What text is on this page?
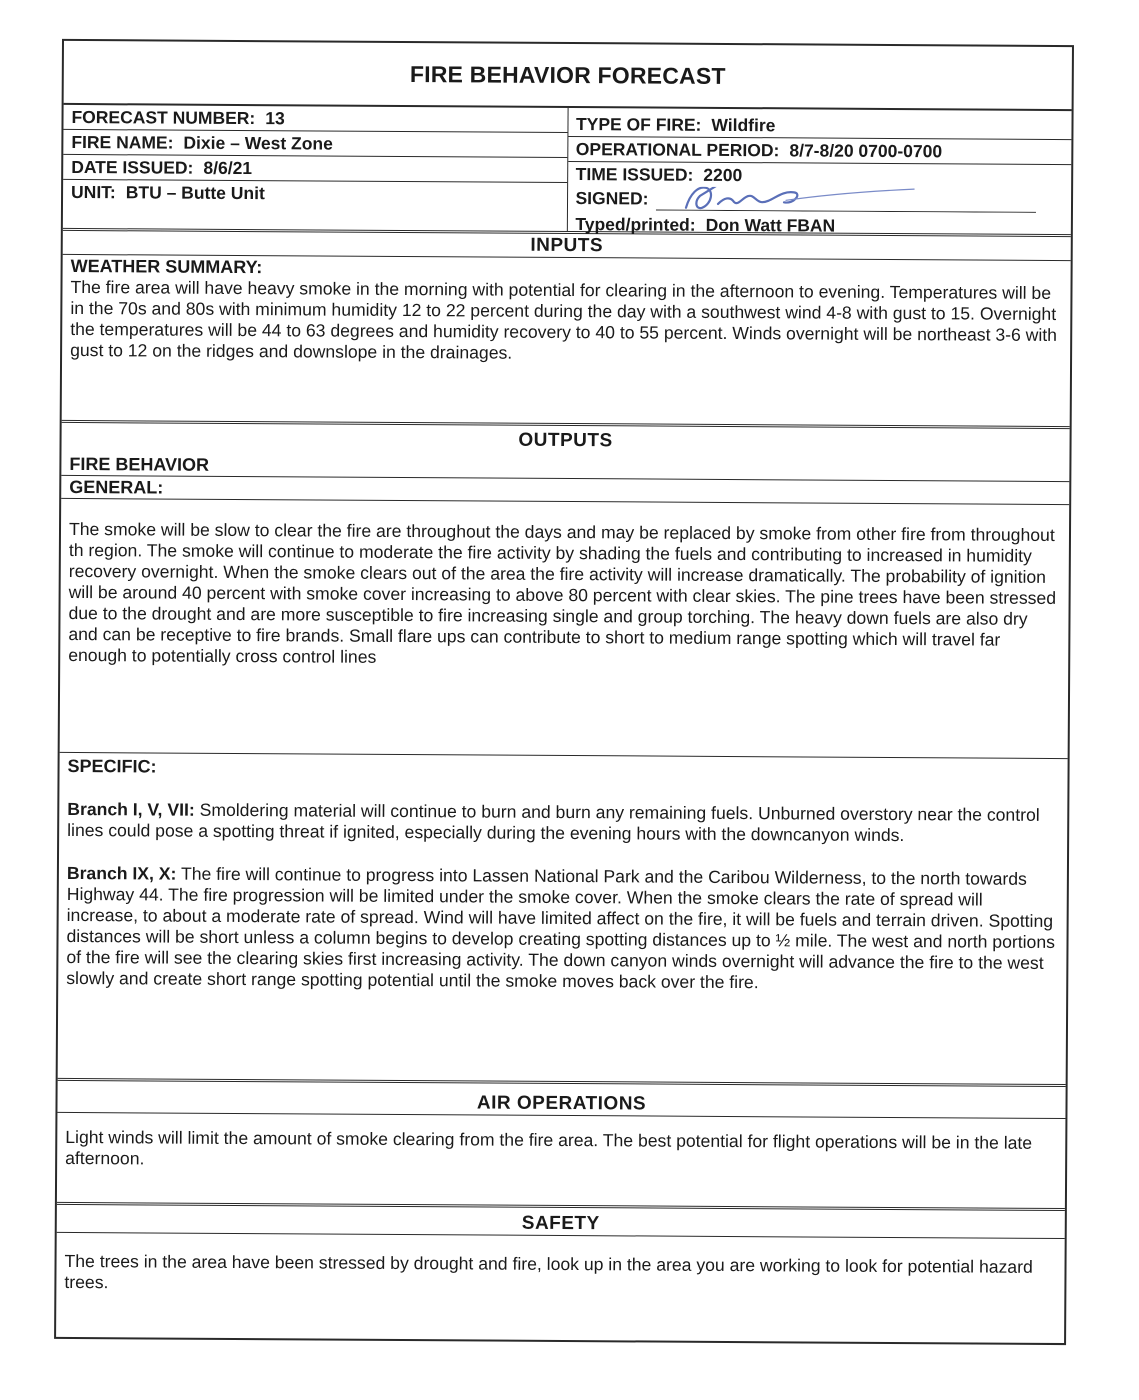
FIRE BEHAVIOR FORECAST
FORECAST NUMBER: 13
FIRE NAME: Dixie – West Zone
DATE ISSUED: 8/6/21
UNIT: BTU – Butte Unit
TYPE OF FIRE: Wildfire
OPERATIONAL PERIOD: 8/7-8/20 0700-0700
TIME ISSUED: 2200
SIGNED:
Typed/printed: Don Watt FBAN
INPUTS
WEATHER SUMMARY:

The fire area will have heavy smoke in the morning with potential for clearing in the afternoon to evening. Temperatures will be in the 70s and 80s with minimum humidity 12 to 22 percent during the day with a southwest wind 4-8 with gust to 15. Overnight the temperatures will be 44 to 63 degrees and humidity recovery to 40 to 55 percent. Winds overnight will be northeast 3-6 with gust to 12 on the ridges and downslope in the drainages.

OUTPUTS
FIRE BEHAVIOR
GENERAL:

The smoke will be slow to clear the fire are throughout the days and may be replaced by smoke from other fire from throughout th region. The smoke will continue to moderate the fire activity by shading the fuels and contributing to increased in humidity recovery overnight. When the smoke clears out of the area the fire activity will increase dramatically. The probability of ignition will be around 40 percent with smoke cover increasing to above 80 percent with clear skies. The pine trees have been stressed due to the drought and are more susceptible to fire increasing single and group torching. The heavy down fuels are also dry and can be receptive to fire brands. Small flare ups can contribute to short to medium range spotting which will travel far enough to potentially cross control lines

SPECIFIC:

Branch I, V, VII: Smoldering material will continue to burn and burn any remaining fuels. Unburned overstory near the control lines could pose a spotting threat if ignited, especially during the evening hours with the downcanyon winds.

Branch IX, X: The fire will continue to progress into Lassen National Park and the Caribou Wilderness, to the north towards Highway 44. The fire progression will be limited under the smoke cover. When the smoke clears the rate of spread will increase, to about a moderate rate of spread. Wind will have limited affect on the fire, it will be fuels and terrain driven. Spotting distances will be short unless a column begins to develop creating spotting distances up to ½ mile. The west and north portions of the fire will see the clearing skies first increasing activity. The down canyon winds overnight will advance the fire to the west slowly and create short range spotting potential until the smoke moves back over the fire.

AIR OPERATIONS

Light winds will limit the amount of smoke clearing from the fire area. The best potential for flight operations will be in the late afternoon.

SAFETY

The trees in the area have been stressed by drought and fire, look up in the area you are working to look for potential hazard trees.
